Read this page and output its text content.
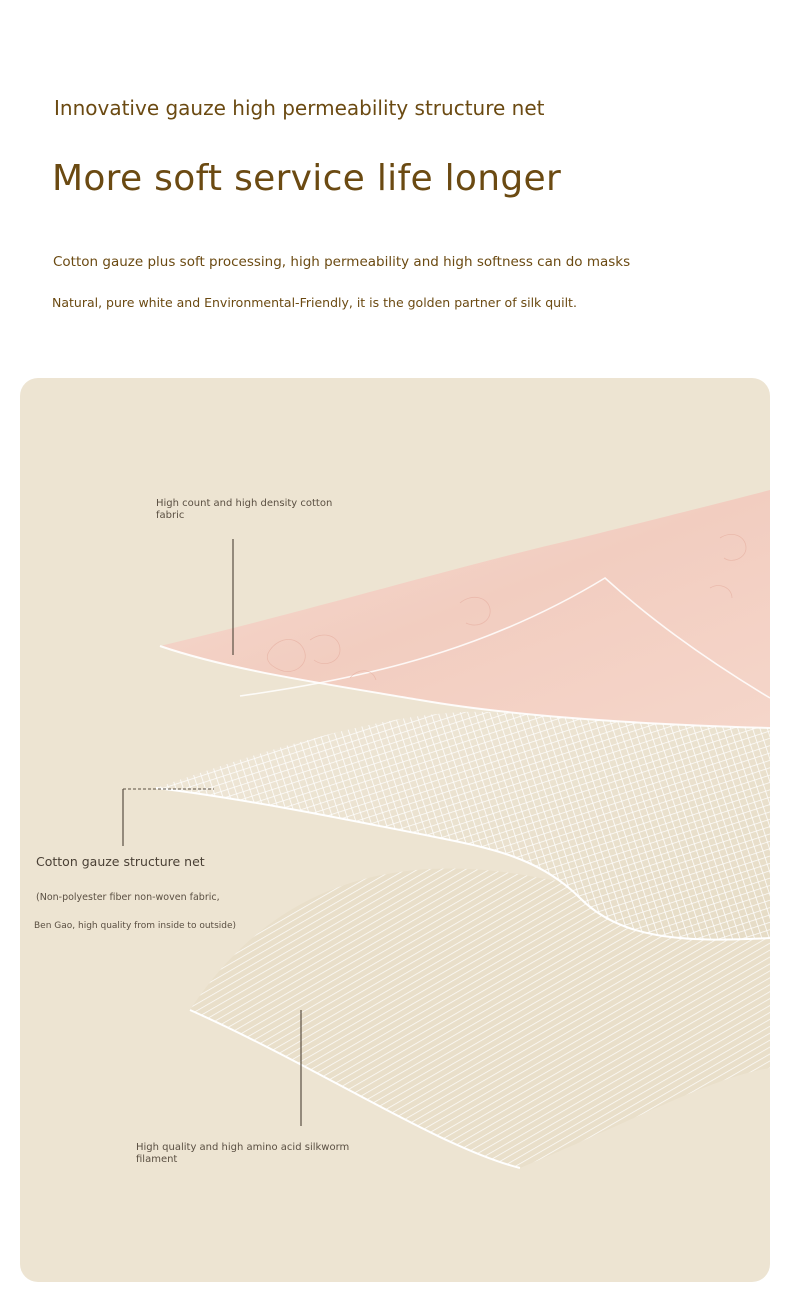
Innovative gauze high permeability structure net
More soft service life longer
Cotton gauze plus soft processing, high permeability and high softness can do masks
Natural, pure white and Environmental-Friendly, it is the golden partner of silk quilt.
High count and high density cotton fabric
Cotton gauze structure net
(Non-polyester fiber non-woven fabric,
Ben Gao, high quality from inside to outside)
High quality and high amino acid silkworm filament
